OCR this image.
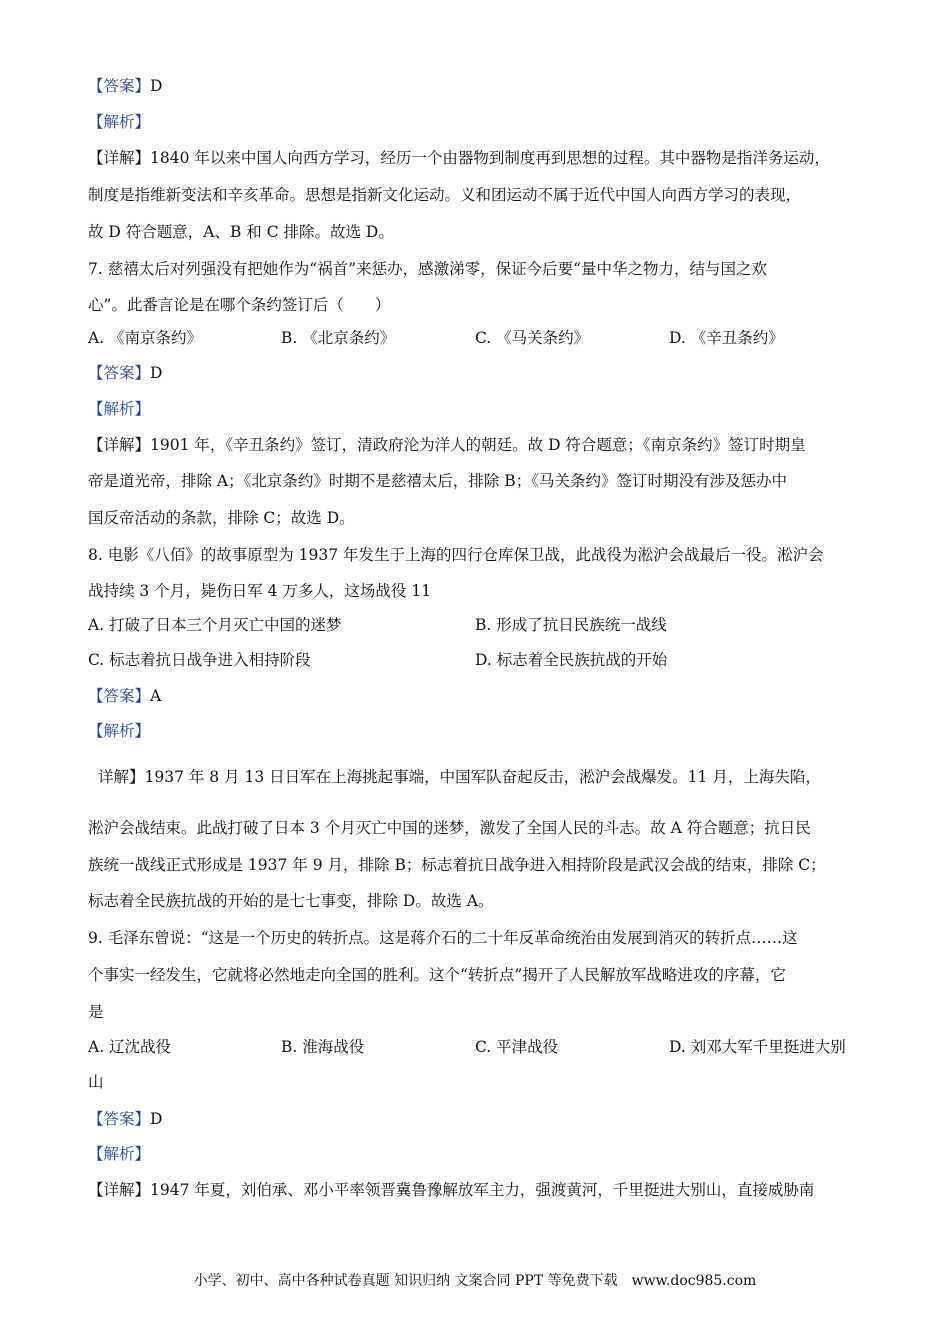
【答案】D
【解析】
【详解】1840 年以来中国人向西方学习，经历一个由器物到制度再到思想的过程。其中器物是指洋务运动，
制度是指维新变法和辛亥革命。思想是指新文化运动。义和团运动不属于近代中国人向西方学习的表现，
故 D 符合题意，A、B 和 C 排除。故选 D。
7. 慈禧太后对列强没有把她作为“祸首”来惩办，感激涕零，保证今后要“量中华之物力，结与国之欢
心”。此番言论是在哪个条约签订后（　　）
A. 《南京条约》	B. 《北京条约》	C. 《马关条约》	D. 《辛丑条约》
【答案】D
【解析】
【详解】1901 年，《辛丑条约》签订，清政府沦为洋人的朝廷。故 D 符合题意；《南京条约》签订时期皇
帝是道光帝，排除 A；《北京条约》时期不是慈禧太后，排除 B；《马关条约》签订时期没有涉及惩办中
国反帝活动的条款，排除 C；故选 D。
8. 电影《八佰》的故事原型为 1937 年发生于上海的四行仓库保卫战，此战役为淞沪会战最后一役。淞沪会
战持续 3 个月，毙伤日军 4 万多人，这场战役 11
A. 打破了日本三个月灭亡中国的迷梦	B. 形成了抗日民族统一战线
C. 标志着抗日战争进入相持阶段	D. 标志着全民族抗战的开始
【答案】A
【解析】
详解】1937 年 8 月 13 日日军在上海挑起事端，中国军队奋起反击，淞沪会战爆发。11 月，上海失陷，
淞沪会战结束。此战打破了日本 3 个月灭亡中国的迷梦，激发了全国人民的斗志。故 A 符合题意；抗日民
族统一战线正式形成是 1937 年 9 月，排除 B；标志着抗日战争进入相持阶段是武汉会战的结束，排除 C；
标志着全民族抗战的开始的是七七事变，排除 D。故选 A。
9. 毛泽东曾说：“这是一个历史的转折点。这是蒋介石的二十年反革命统治由发展到消灭的转折点……这
个事实一经发生，它就将必然地走向全国的胜利。这个“转折点”揭开了人民解放军战略进攻的序幕，它
是
A. 辽沈战役	B. 淮海战役	C. 平津战役	D. 刘邓大军千里挺进大别
山
【答案】D
【解析】
【详解】1947 年夏，刘伯承、邓小平率领晋冀鲁豫解放军主力，强渡黄河，千里挺进大别山，直接威胁南
小学、初中、高中各种试卷真题 知识归纳 文案合同 PPT 等免费下载　www.doc985.com
